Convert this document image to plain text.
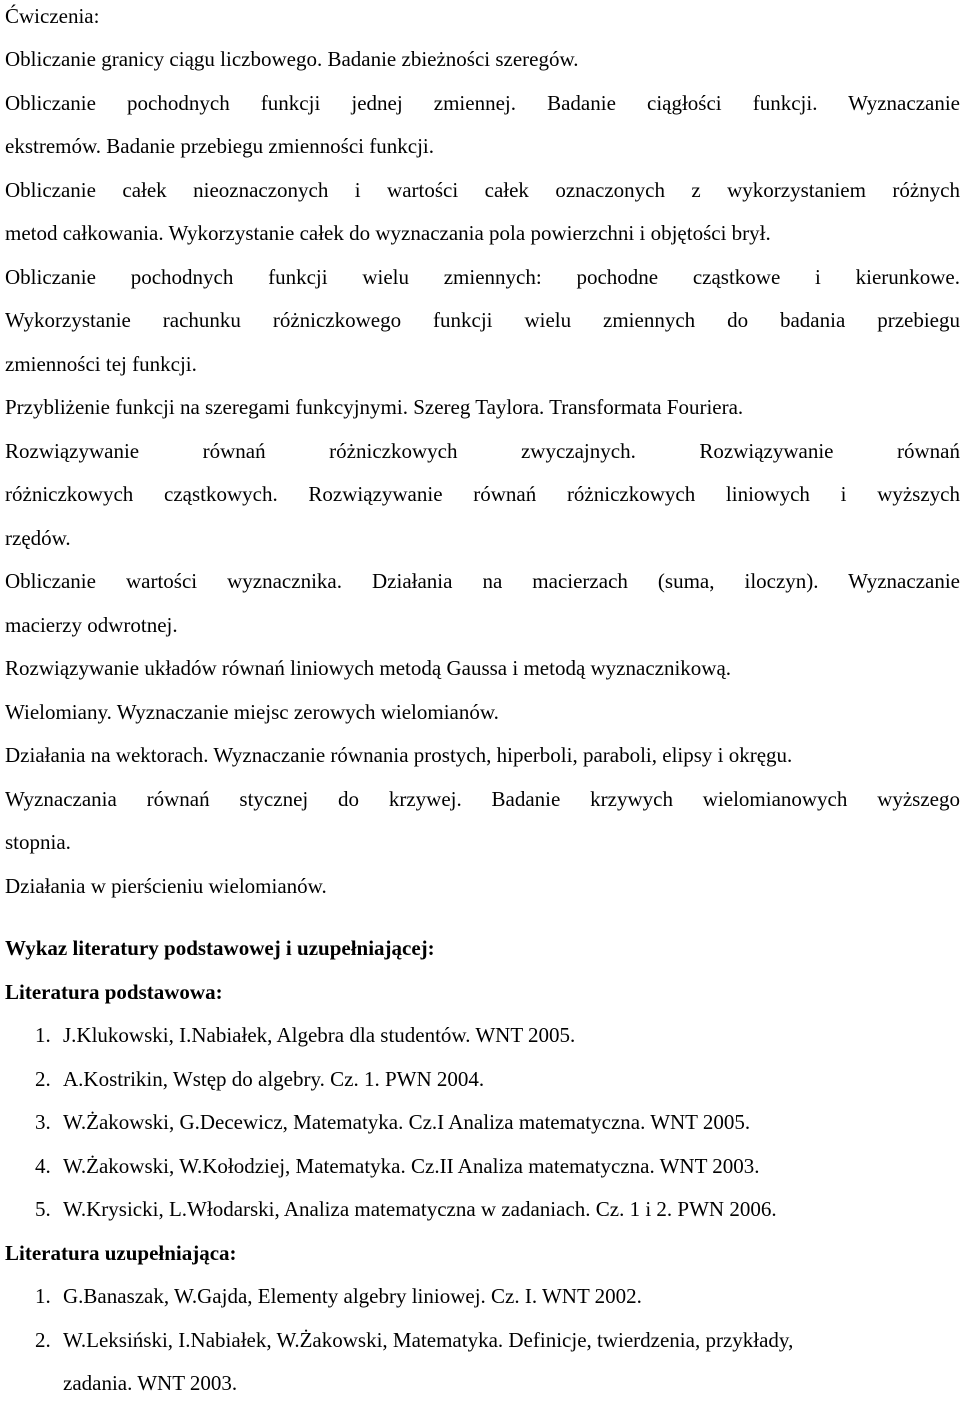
Ćwiczenia:
Obliczanie granicy ciągu liczbowego. Badanie zbieżności szeregów.
Obliczanie pochodnych funkcji jednej zmiennej. Badanie ciągłości funkcji. Wyznaczanie
ekstremów. Badanie przebiegu zmienności funkcji.
Obliczanie całek nieoznaczonych i wartości całek oznaczonych z wykorzystaniem różnych
metod całkowania. Wykorzystanie całek do wyznaczania pola powierzchni i objętości brył.
Obliczanie pochodnych funkcji wielu zmiennych: pochodne cząstkowe i kierunkowe.
Wykorzystanie rachunku różniczkowego funkcji wielu zmiennych do badania przebiegu
zmienności tej funkcji.
Przybliżenie funkcji na szeregami funkcyjnymi. Szereg Taylora. Transformata Fouriera.
Rozwiązywanie równań różniczkowych zwyczajnych. Rozwiązywanie równań
różniczkowych cząstkowych. Rozwiązywanie równań różniczkowych liniowych i wyższych
rzędów.
Obliczanie wartości wyznacznika. Działania na macierzach (suma, iloczyn). Wyznaczanie
macierzy odwrotnej.
Rozwiązywanie układów równań liniowych metodą Gaussa i metodą wyznacznikową.
Wielomiany. Wyznaczanie miejsc zerowych wielomianów.
Działania na wektorach. Wyznaczanie równania prostych, hiperboli, paraboli, elipsy i okręgu.
Wyznaczania równań stycznej do krzywej. Badanie krzywych wielomianowych wyższego
stopnia.
Działania w pierścieniu wielomianów.
Wykaz literatury podstawowej i uzupełniającej:
Literatura podstawowa:
1. J.Klukowski, I.Nabiałek, Algebra dla studentów. WNT 2005.
2. A.Kostrikin, Wstęp do algebry. Cz. 1. PWN 2004.
3. W.Żakowski, G.Decewicz, Matematyka. Cz.I Analiza matematyczna. WNT 2005.
4. W.Żakowski, W.Kołodziej, Matematyka. Cz.II Analiza matematyczna. WNT 2003.
5. W.Krysicki, L.Włodarski, Analiza matematyczna w zadaniach. Cz. 1 i 2. PWN 2006.
Literatura uzupełniająca:
1. G.Banaszak, W.Gajda, Elementy algebry liniowej. Cz. I. WNT 2002.
2. W.Leksiński, I.Nabiałek, W.Żakowski, Matematyka. Definicje, twierdzenia, przykłady,
zadania. WNT 2003.
